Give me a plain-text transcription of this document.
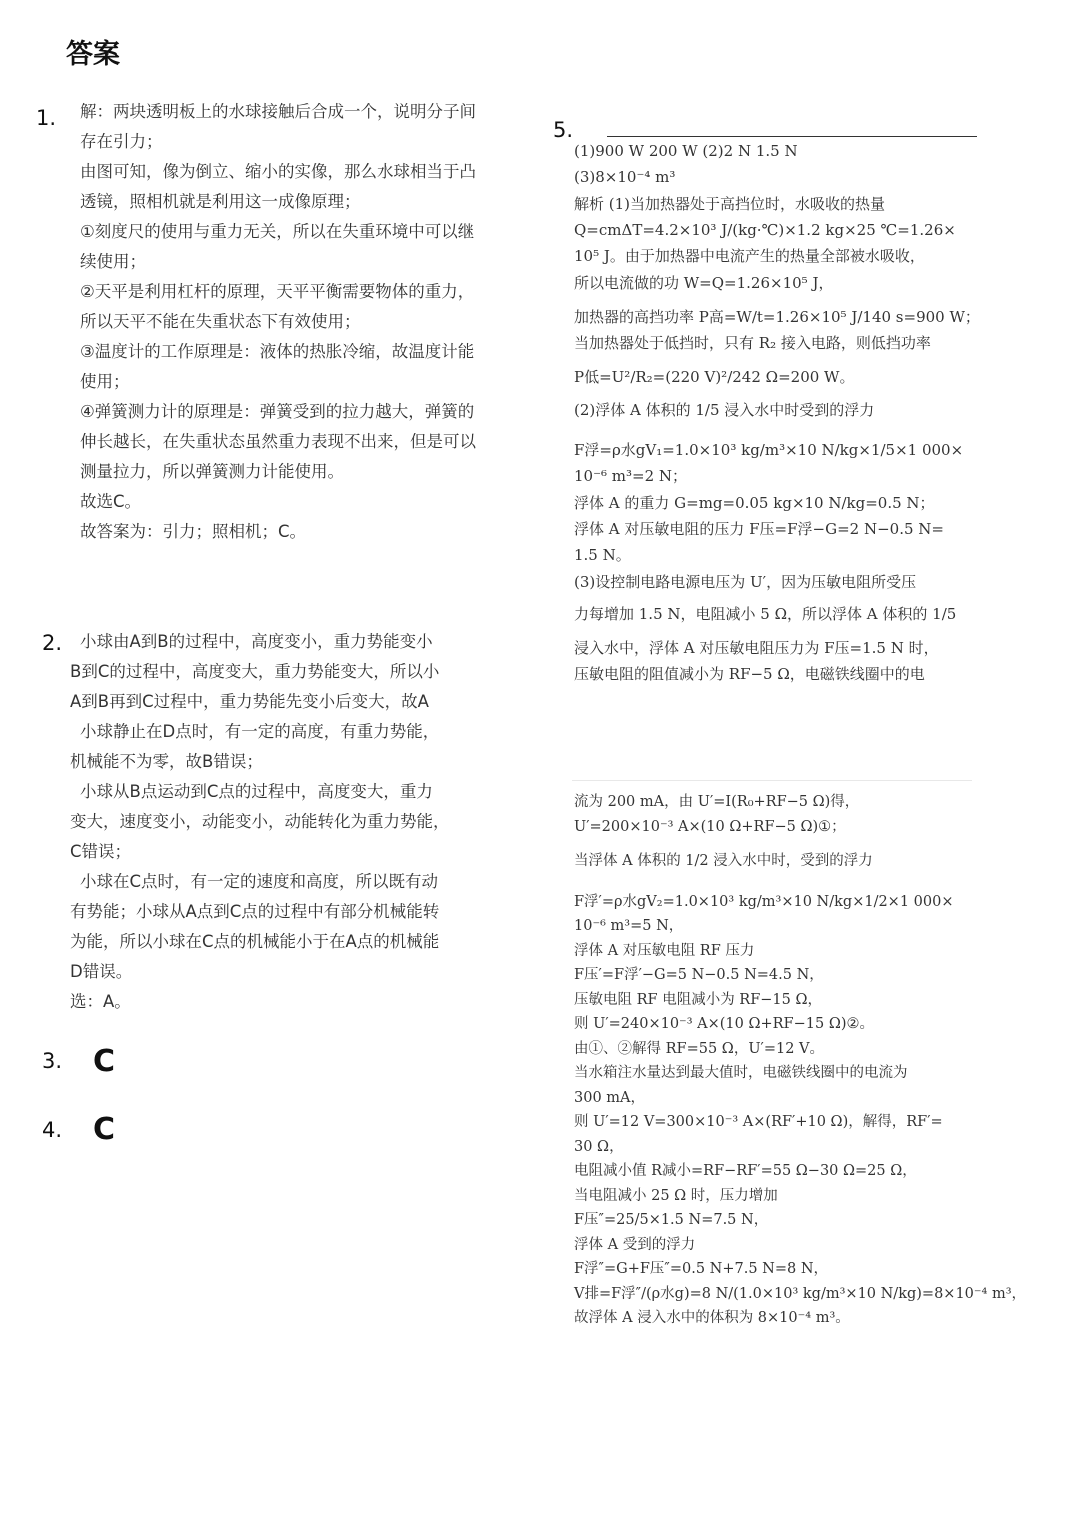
答案
1. 解：两块透明板上的水球接触后合成一个，说明分子间
存在引力；
由图可知，像为倒立、缩小的实像，那么水球相当于凸
透镜，照相机就是利用这一成像原理；
①刻度尺的使用与重力无关，所以在失重环境中可以继
续使用；
②天平是利用杠杆的原理，天平平衡需要物体的重力，
所以天平不能在失重状态下有效使用；
③温度计的工作原理是：液体的热胀冷缩，故温度计能
使用；
④弹簧测力计的原理是：弹簧受到的拉力越大，弹簧的
伸长越长，在失重状态虽然重力表现不出来，但是可以
测量拉力，所以弹簧测力计能使用。
故选C。
故答案为：引力；照相机；C。
2.	小球由A到B的过程中，高度变小，重力势能变小
B到C的过程中，高度变大，重力势能变大，所以小
A到B再到C过程中，重力势能先变小后变大，故A
小球静止在D点时，有一定的高度，有重力势能，
机械能不为零，故B错误；
小球从B点运动到C点的过程中，高度变大，重力
变大，速度变小，动能变小，动能转化为重力势能，
C错误；
小球在C点时，有一定的速度和高度，所以既有动
有势能；小球从A点到C点的过程中有部分机械能转
为能，所以小球在C点的机械能小于在A点的机械能
D错误。
选：A。
3. C
4. C
5.
(1)900 W 200 W (2)2 N 1.5 N
(3)8×10⁻⁴ m³
解析 (1)当加热器处于高挡位时，水吸收的热量
Q=cmΔT=4.2×10³ J/(kg·℃)×1.2 kg×25 ℃=1.26×
10⁵ J。由于加热器中电流产生的热量全部被水吸收，
所以电流做的功 W=Q=1.26×10⁵ J，
加热器的高挡功率 P高=W/t=1.26×10⁵ J/140 s=900 W；
当加热器处于低挡时，只有 R₂ 接入电路，则低挡功率
P低=U²/R₂=(220 V)²/242 Ω=200 W。
(2)浮体 A 体积的 1/5 浸入水中时受到的浮力
F浮=ρ水gV₁=1.0×10³ kg/m³×10 N/kg×1/5×1 000×
10⁻⁶ m³=2 N；
浮体 A 的重力 G=mg=0.05 kg×10 N/kg=0.5 N；
浮体 A 对压敏电阻的压力 F压=F浮−G=2 N−0.5 N=
1.5 N。
(3)设控制电路电源电压为 U′，因为压敏电阻所受压
力每增加 1.5 N，电阻减小 5 Ω，所以浮体 A 体积的 1/5
浸入水中，浮体 A 对压敏电阻压力为 F压=1.5 N 时，
压敏电阻的阻值减小为 RF−5 Ω，电磁铁线圈中的电
流为 200 mA，由 U′=I(R₀+RF−5 Ω)得，
U′=200×10⁻³ A×(10 Ω+RF−5 Ω)①；
当浮体 A 体积的 1/2 浸入水中时，受到的浮力
F浮′=ρ水gV₂=1.0×10³ kg/m³×10 N/kg×1/2×1 000×
10⁻⁶ m³=5 N，
浮体 A 对压敏电阻 RF 压力
F压′=F浮′−G=5 N−0.5 N=4.5 N，
压敏电阻 RF 电阻减小为 RF−15 Ω，
则 U′=240×10⁻³ A×(10 Ω+RF−15 Ω)②。
由①、②解得 RF=55 Ω，U′=12 V。
当水箱注水量达到最大值时，电磁铁线圈中的电流为
300 mA，
则 U′=12 V=300×10⁻³ A×(RF′+10 Ω)，解得，RF′=
30 Ω，
电阻减小值 R减小=RF−RF′=55 Ω−30 Ω=25 Ω，
当电阻减小 25 Ω 时，压力增加
F压″=25/5×1.5 N=7.5 N，
浮体 A 受到的浮力
F浮″=G+F压″=0.5 N+7.5 N=8 N，
V排=F浮″/(ρ水g)=8 N/(1.0×10³ kg/m³×10 N/kg)=8×10⁻⁴ m³，
故浮体 A 浸入水中的体积为 8×10⁻⁴ m³。
